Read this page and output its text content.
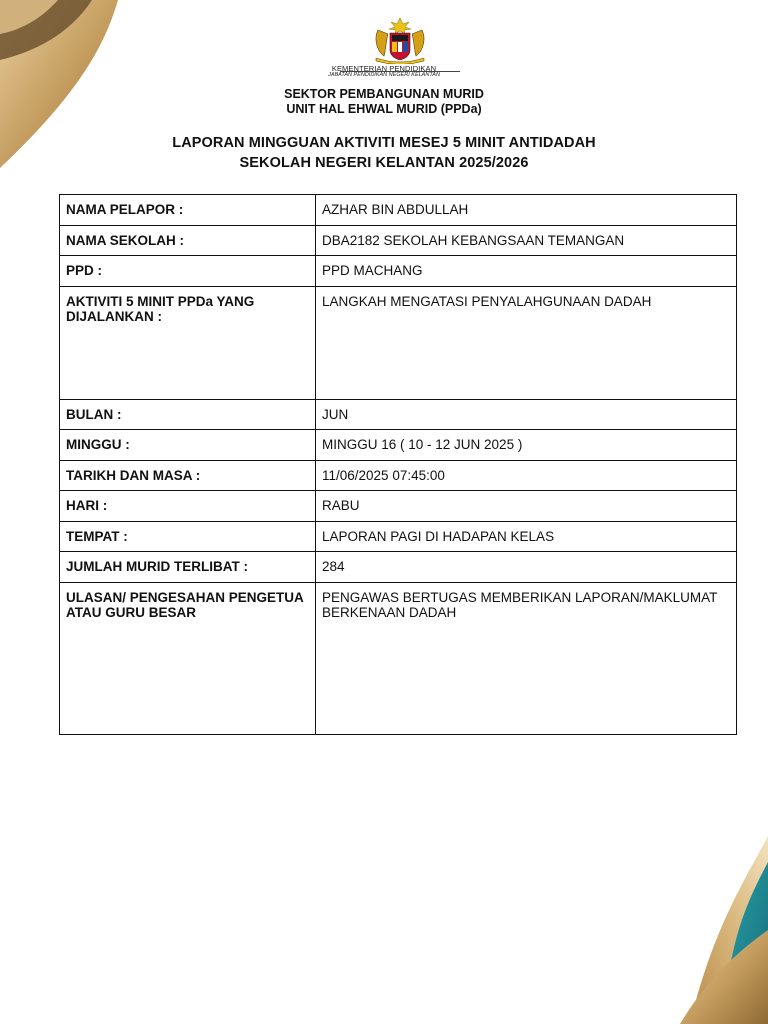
KEMENTERIAN PENDIDIKAN
JABATAN PENDIDIKAN NEGERI KELANTAN
SEKTOR PEMBANGUNAN MURID
UNIT HAL EHWAL MURID (PPDa)
LAPORAN MINGGUAN AKTIVITI MESEJ 5 MINIT ANTIDADAH
SEKOLAH NEGERI KELANTAN 2025/2026
NAMA PELAPOR :	AZHAR BIN ABDULLAH
NAMA SEKOLAH :	DBA2182 SEKOLAH KEBANGSAAN TEMANGAN
PPD :	PPD MACHANG
AKTIVITI 5 MINIT PPDa YANG DIJALANKAN :	LANGKAH MENGATASI PENYALAHGUNAAN DADAH
BULAN :	JUN
MINGGU :	MINGGU 16 ( 10 - 12 JUN 2025 )
TARIKH DAN MASA :	11/06/2025 07:45:00
HARI :	RABU
TEMPAT :	LAPORAN PAGI DI HADAPAN KELAS
JUMLAH MURID TERLIBAT :	284
ULASAN/ PENGESAHAN PENGETUA ATAU GURU BESAR	PENGAWAS BERTUGAS MEMBERIKAN LAPORAN/MAKLUMAT BERKENAAN DADAH
